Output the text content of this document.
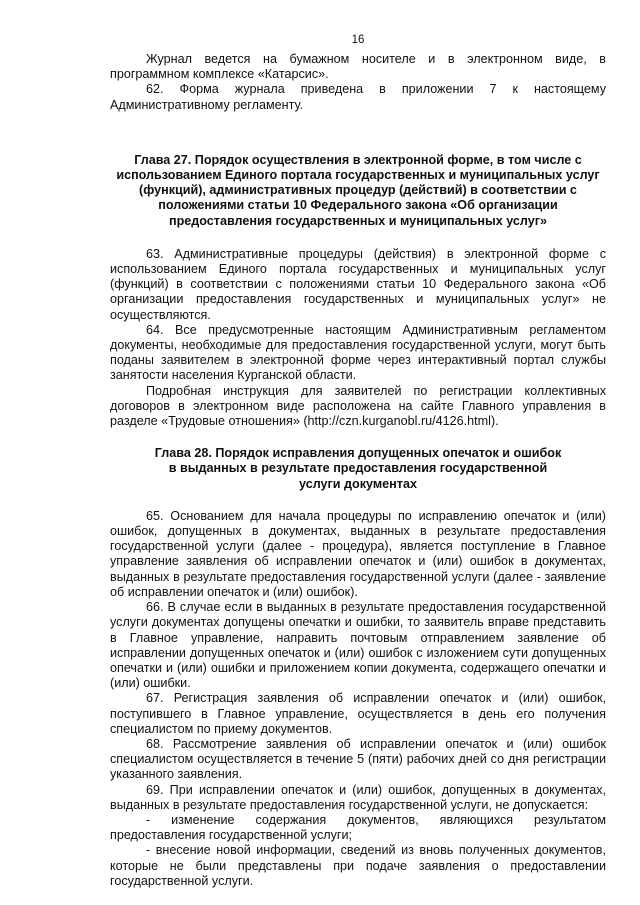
16

Журнал ведется на бумажном носителе и в электронном виде, в программном комплексе «Катарсис».

62. Форма журнала приведена в приложении 7 к настоящему Административному регламенту.

Глава 27. Порядок осуществления в электронной форме, в том числе с использованием Единого портала государственных и муниципальных услуг (функций), административных процедур (действий) в соответствии с положениями статьи 10 Федерального закона «Об организации предоставления государственных и муниципальных услуг»

63. Административные процедуры (действия) в электронной форме с использованием Единого портала государственных и муниципальных услуг (функций) в соответствии с положениями статьи 10 Федерального закона «Об организации предоставления государственных и муниципальных услуг» не осуществляются.

64. Все предусмотренные настоящим Административным регламентом документы, необходимые для предоставления государственной услуги, могут быть поданы заявителем в электронной форме через интерактивный портал службы занятости населения Курганской области.

Подробная инструкция для заявителей по регистрации коллективных договоров в электронном виде расположена на сайте Главного управления в разделе «Трудовые отношения» (http://czn.kurganobl.ru/4126.html).

Глава 28. Порядок исправления допущенных опечаток и ошибок в выданных в результате предоставления государственной услуги документах

65. Основанием для начала процедуры по исправлению опечаток и (или) ошибок, допущенных в документах, выданных в результате предоставления государственной услуги (далее - процедура), является поступление в Главное управление заявления об исправлении опечаток и (или) ошибок в документах, выданных в результате предоставления государственной услуги (далее - заявление об исправлении опечаток и (или) ошибок).

66. В случае если в выданных в результате предоставления государственной услуги документах допущены опечатки и ошибки, то заявитель вправе представить в Главное управление, направить почтовым отправлением заявление об исправлении допущенных опечаток и (или) ошибок с изложением сути допущенных опечатки и (или) ошибки и приложением копии документа, содержащего опечатки и (или) ошибки.

67. Регистрация заявления об исправлении опечаток и (или) ошибок, поступившего в Главное управление, осуществляется в день его получения специалистом по приему документов.

68. Рассмотрение заявления об исправлении опечаток и (или) ошибок специалистом осуществляется в течение 5 (пяти) рабочих дней со дня регистрации указанного заявления.

69. При исправлении опечаток и (или) ошибок, допущенных в документах, выданных в результате предоставления государственной услуги, не допускается:

- изменение содержания документов, являющихся результатом предоставления государственной услуги;

- внесение новой информации, сведений из вновь полученных документов, которые не были представлены при подаче заявления о предоставлении государственной услуги.
